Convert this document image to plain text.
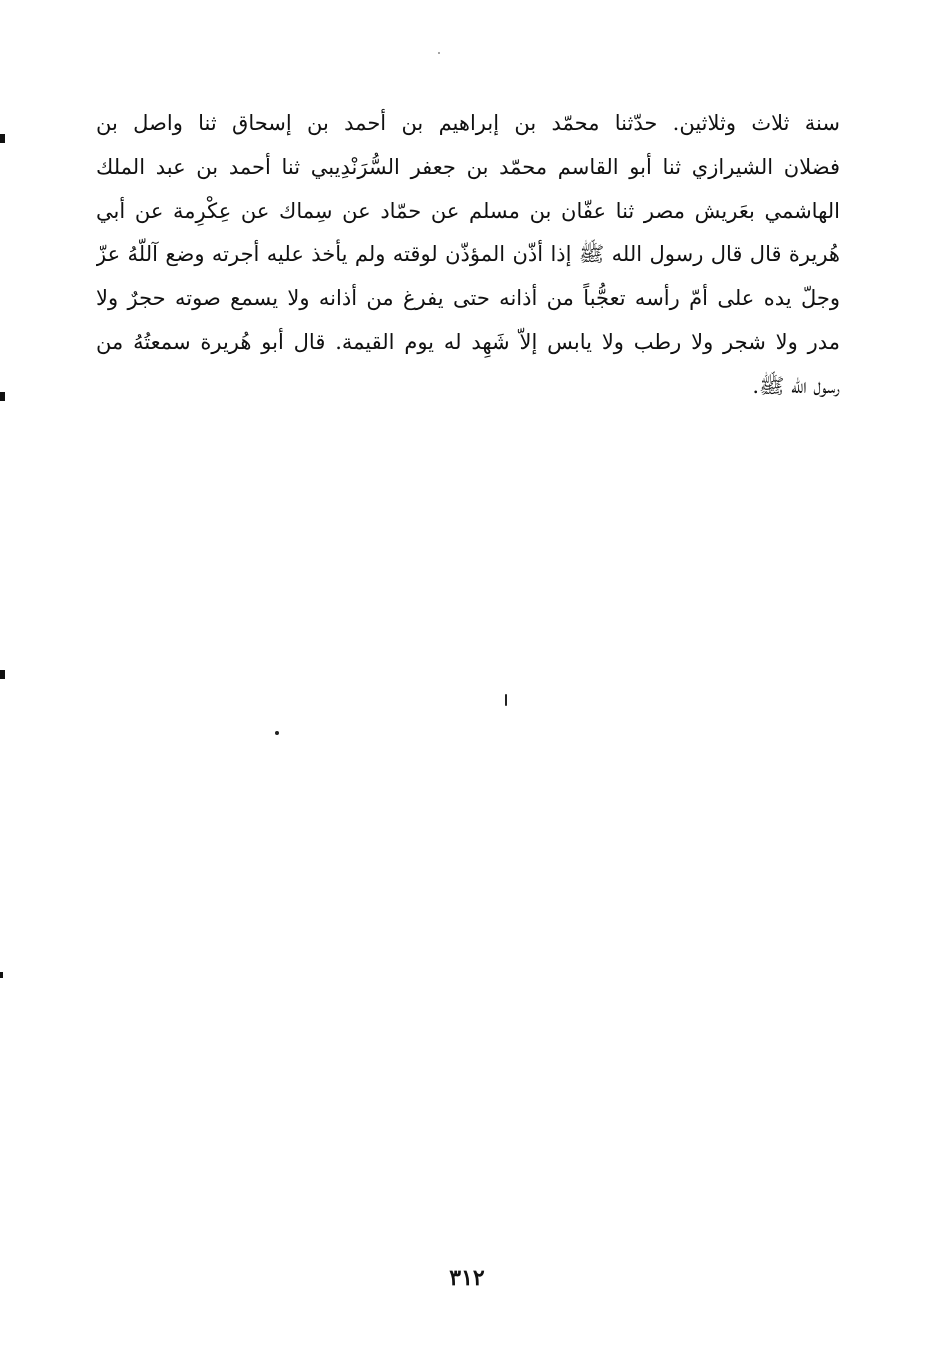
سنة ثلاث وثلاثين. حدّثنا محمّد بن إبراهيم بن أحمد بن إسحاق ثنا واصل بن
فضلان الشيرازي ثنا أبو القاسم محمّد بن جعفر السُّرَنْدِيبي ثنا أحمد بن عبد الملك
الهاشمي بعَريش مصر ثنا عفّان بن مسلم عن حمّاد عن سِماك عن عِكْرِمة عن أبي
هُريرة قال قال رسول الله ﷺ إذا أذّن المؤذّن لوقته ولم يأخذ عليه أجرته وضع آللّهُ عزّ
وجلّ يده على أمّ رأسه تعجُّباً من أذانه حتى يفرغ من أذانه ولا يسمع صوته حجرٌ ولا
مدر ولا شجر ولا رطب ولا يابس إلاّ شَهِد له يوم القيمة. قال أبو هُريرة سمعتُهُ من
رسول الله ﷺ.
٣١٢
